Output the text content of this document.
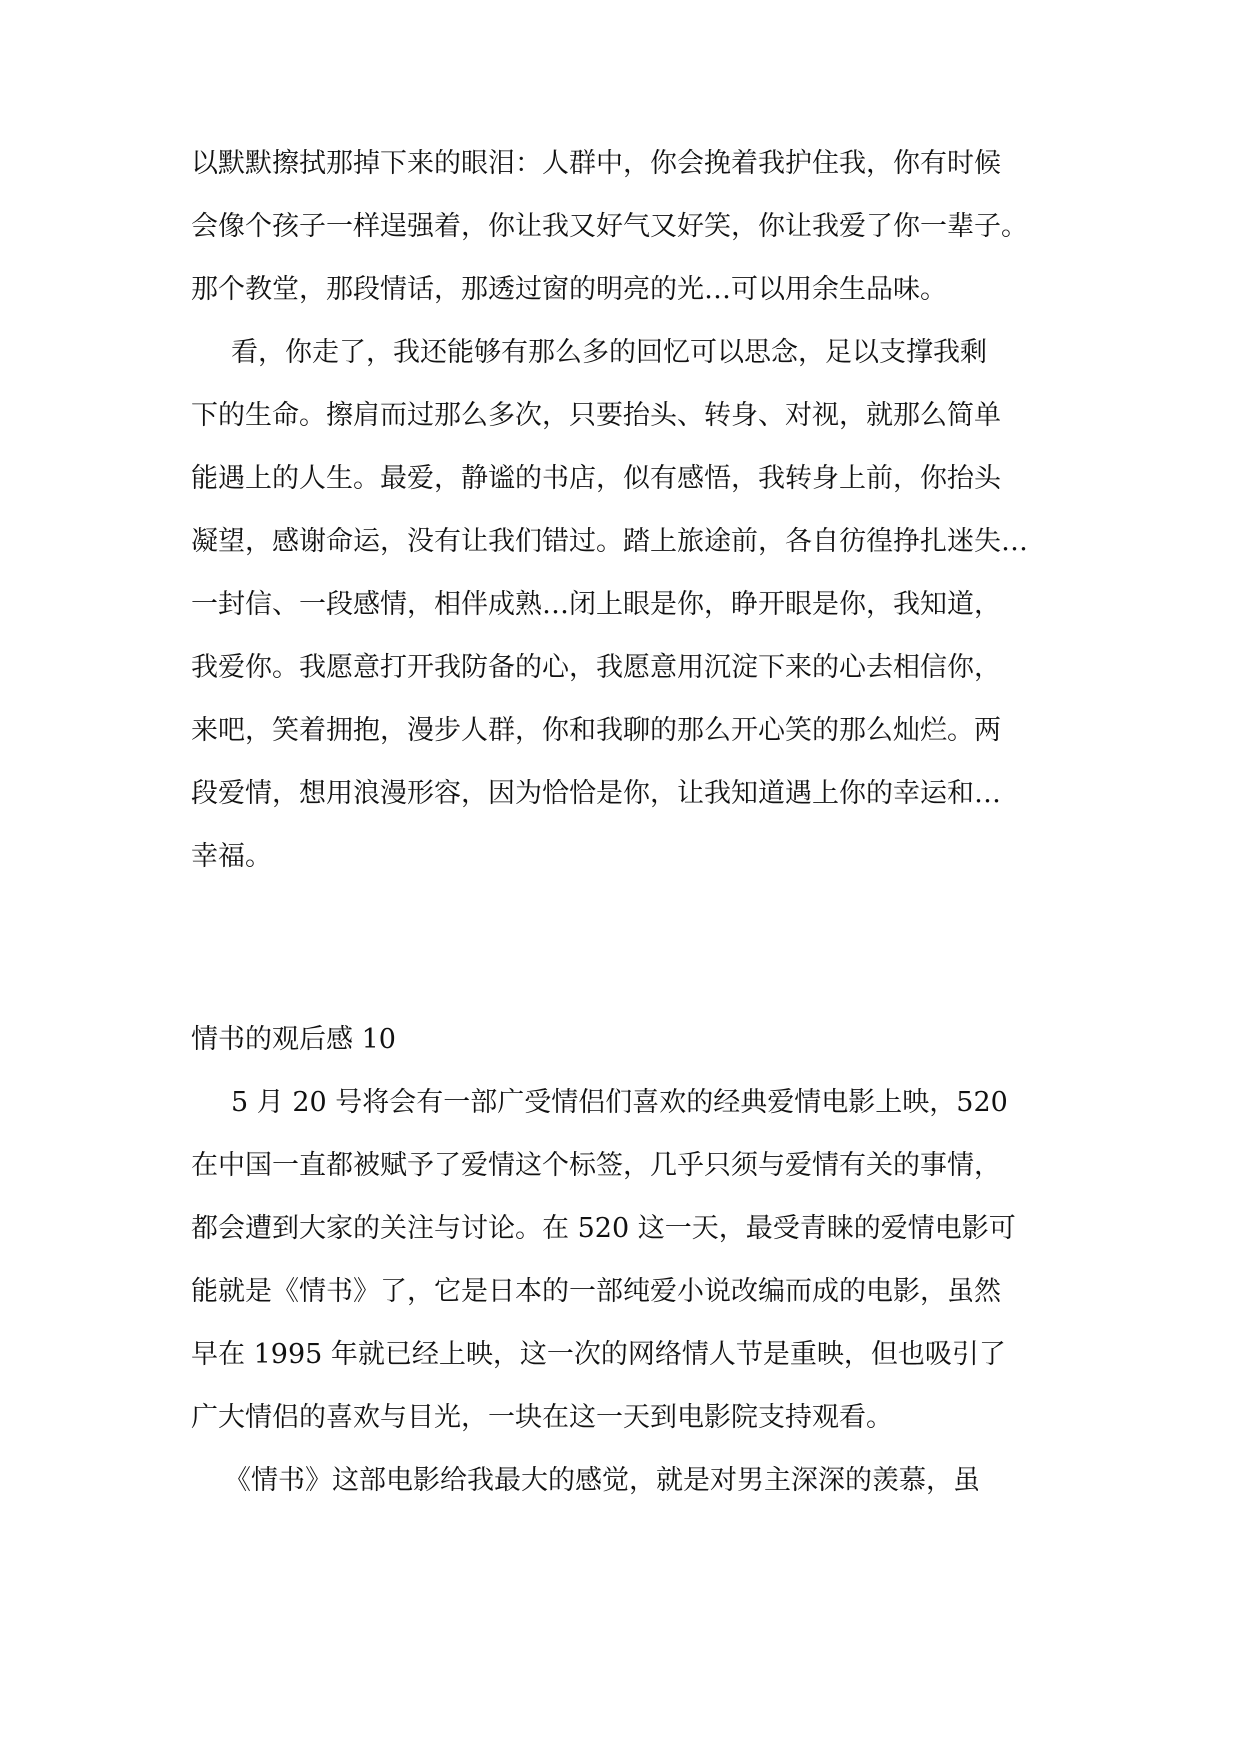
以默默擦拭那掉下来的眼泪：人群中，你会挽着我护住我，你有时候
会像个孩子一样逞强着，你让我又好气又好笑，你让我爱了你一辈子。
那个教堂，那段情话，那透过窗的明亮的光…可以用余生品味。
看，你走了，我还能够有那么多的回忆可以思念，足以支撑我剩
下的生命。擦肩而过那么多次，只要抬头、转身、对视，就那么简单
能遇上的人生。最爱，静谧的书店，似有感悟，我转身上前，你抬头
凝望，感谢命运，没有让我们错过。踏上旅途前，各自彷徨挣扎迷失…
一封信、一段感情，相伴成熟…闭上眼是你，睁开眼是你，我知道，
我爱你。我愿意打开我防备的心，我愿意用沉淀下来的心去相信你，
来吧，笑着拥抱，漫步人群，你和我聊的那么开心笑的那么灿烂。两
段爱情，想用浪漫形容，因为恰恰是你，让我知道遇上你的幸运和…
幸福。
情书的观后感 10
5 月 20 号将会有一部广受情侣们喜欢的经典爱情电影上映，520
在中国一直都被赋予了爱情这个标签，几乎只须与爱情有关的事情，
都会遭到大家的关注与讨论。在 520 这一天，最受青睐的爱情电影可
能就是《情书》了，它是日本的一部纯爱小说改编而成的电影，虽然
早在 1995 年就已经上映，这一次的网络情人节是重映，但也吸引了
广大情侣的喜欢与目光，一块在这一天到电影院支持观看。
《情书》这部电影给我最大的感觉，就是对男主深深的羡慕，虽
